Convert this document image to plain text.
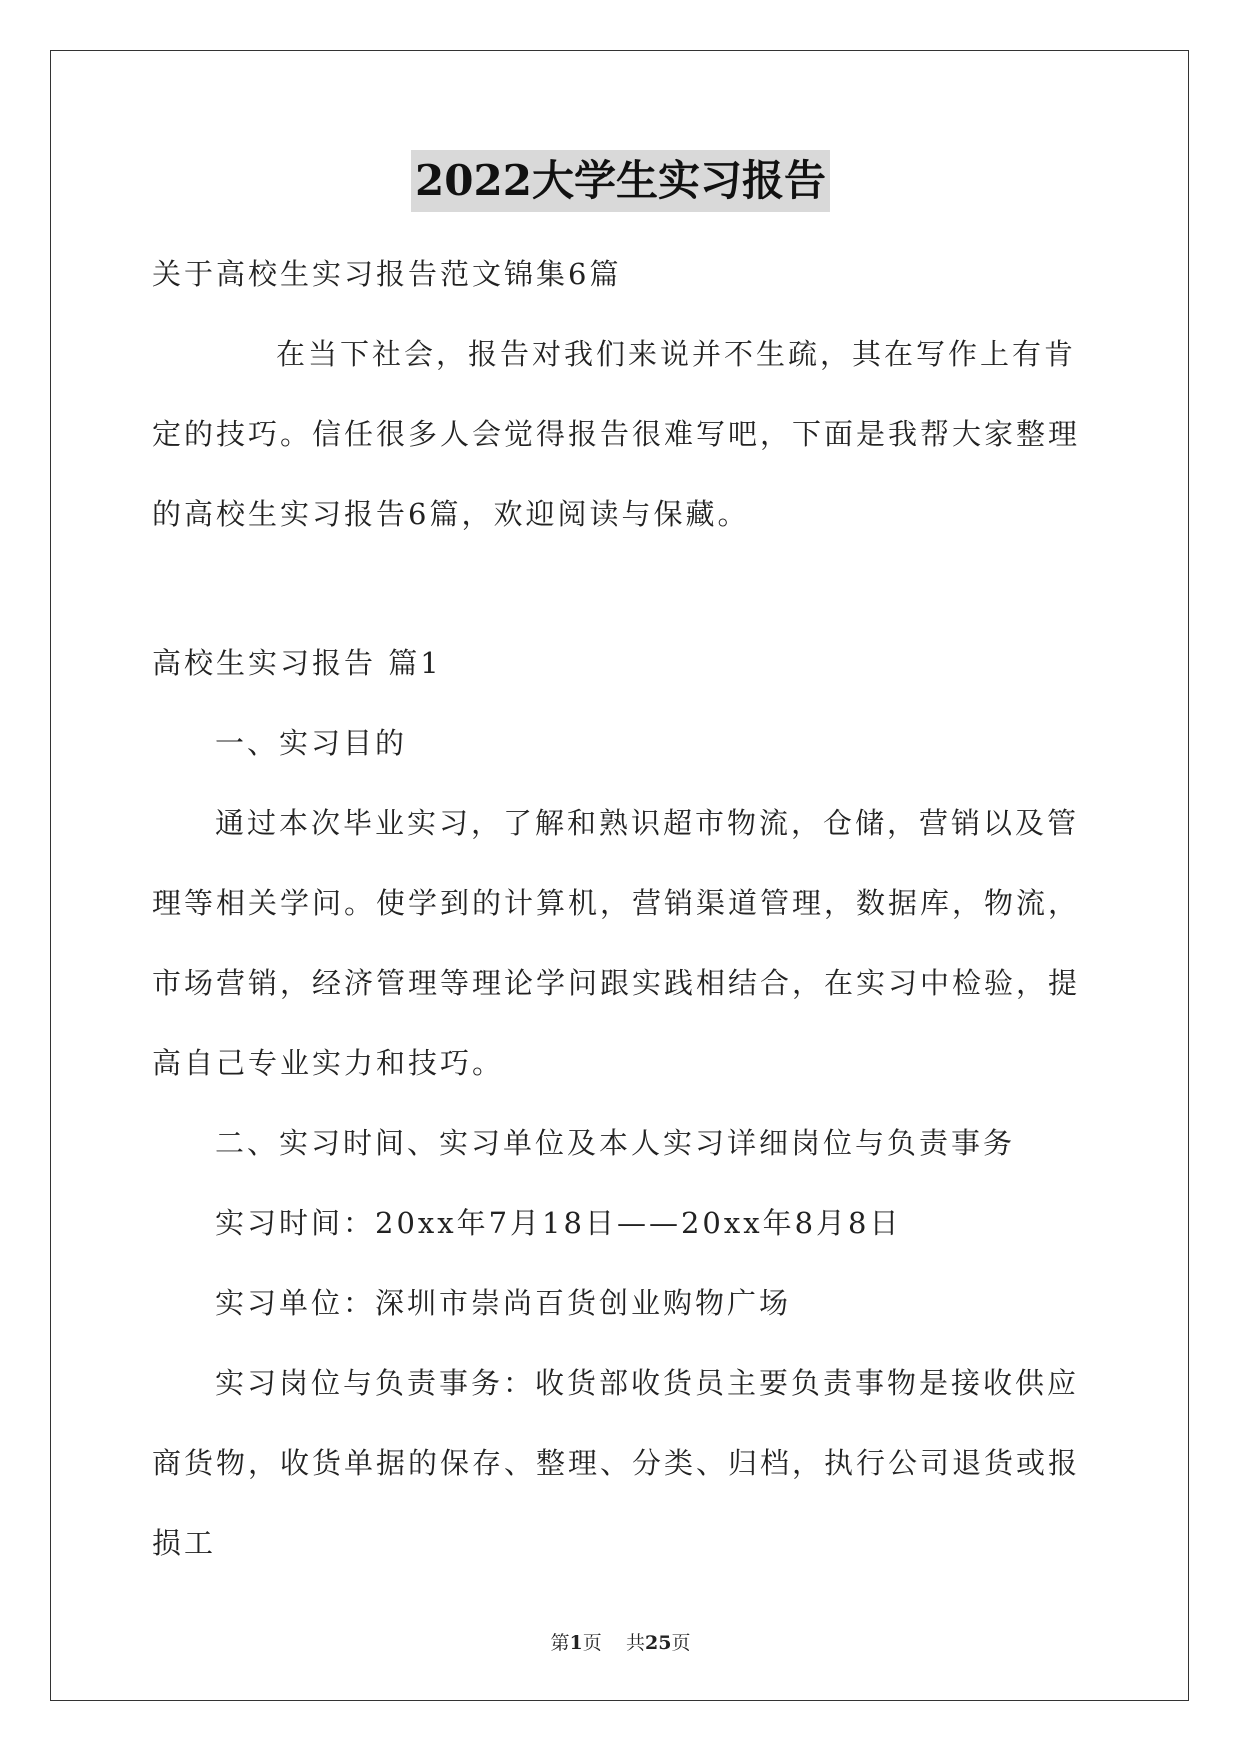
2022大学生实习报告
关于高校生实习报告范文锦集6篇
在当下社会，报告对我们来说并不生疏，其在写作上有肯定的技巧。信任很多人会觉得报告很难写吧，下面是我帮大家整理的高校生实习报告6篇，欢迎阅读与保藏。
高校生实习报告 篇1
一、实习目的
通过本次毕业实习，了解和熟识超市物流，仓储，营销以及管理等相关学问。使学到的计算机，营销渠道管理，数据库，物流，市场营销，经济管理等理论学问跟实践相结合，在实习中检验，提高自己专业实力和技巧。
二、实习时间、实习单位及本人实习详细岗位与负责事务
实习时间：20xx年7月18日——20xx年8月8日
实习单位：深圳市崇尚百货创业购物广场
实习岗位与负责事务：收货部收货员主要负责事物是接收供应商货物，收货单据的保存、整理、分类、归档，执行公司退货或报损工
第1页 共25页
